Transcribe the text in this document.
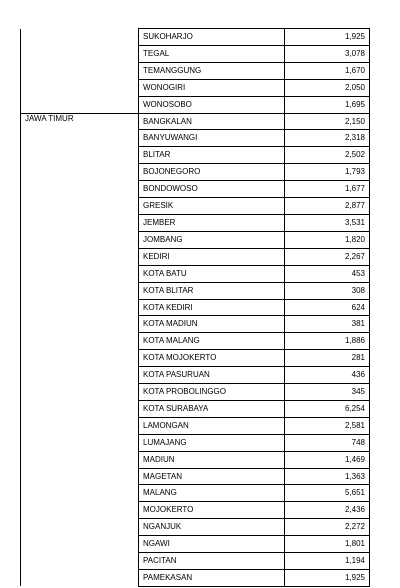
	SUKOHARJO	1,925
	TEGAL	3,078
	TEMANGGUNG	1,670
	WONOGIRI	2,050
	WONOSOBO	1,695
JAWA TIMUR	BANGKALAN	2,150
	BANYUWANGI	2,318
	BLITAR	2,502
	BOJONEGORO	1,793
	BONDOWOSO	1,677
	GRESIK	2,877
	JEMBER	3,531
	JOMBANG	1,820
	KEDIRI	2,267
	KOTA BATU	453
	KOTA BLITAR	308
	KOTA KEDIRI	624
	KOTA MADIUN	381
	KOTA MALANG	1,886
	KOTA MOJOKERTO	281
	KOTA PASURUAN	436
	KOTA PROBOLINGGO	345
	KOTA SURABAYA	6,254
	LAMONGAN	2,581
	LUMAJANG	748
	MADIUN	1,469
	MAGETAN	1,363
	MALANG	5,651
	MOJOKERTO	2,436
	NGANJUK	2,272
	NGAWI	1,801
	PACITAN	1,194
	PAMEKASAN	1,925
